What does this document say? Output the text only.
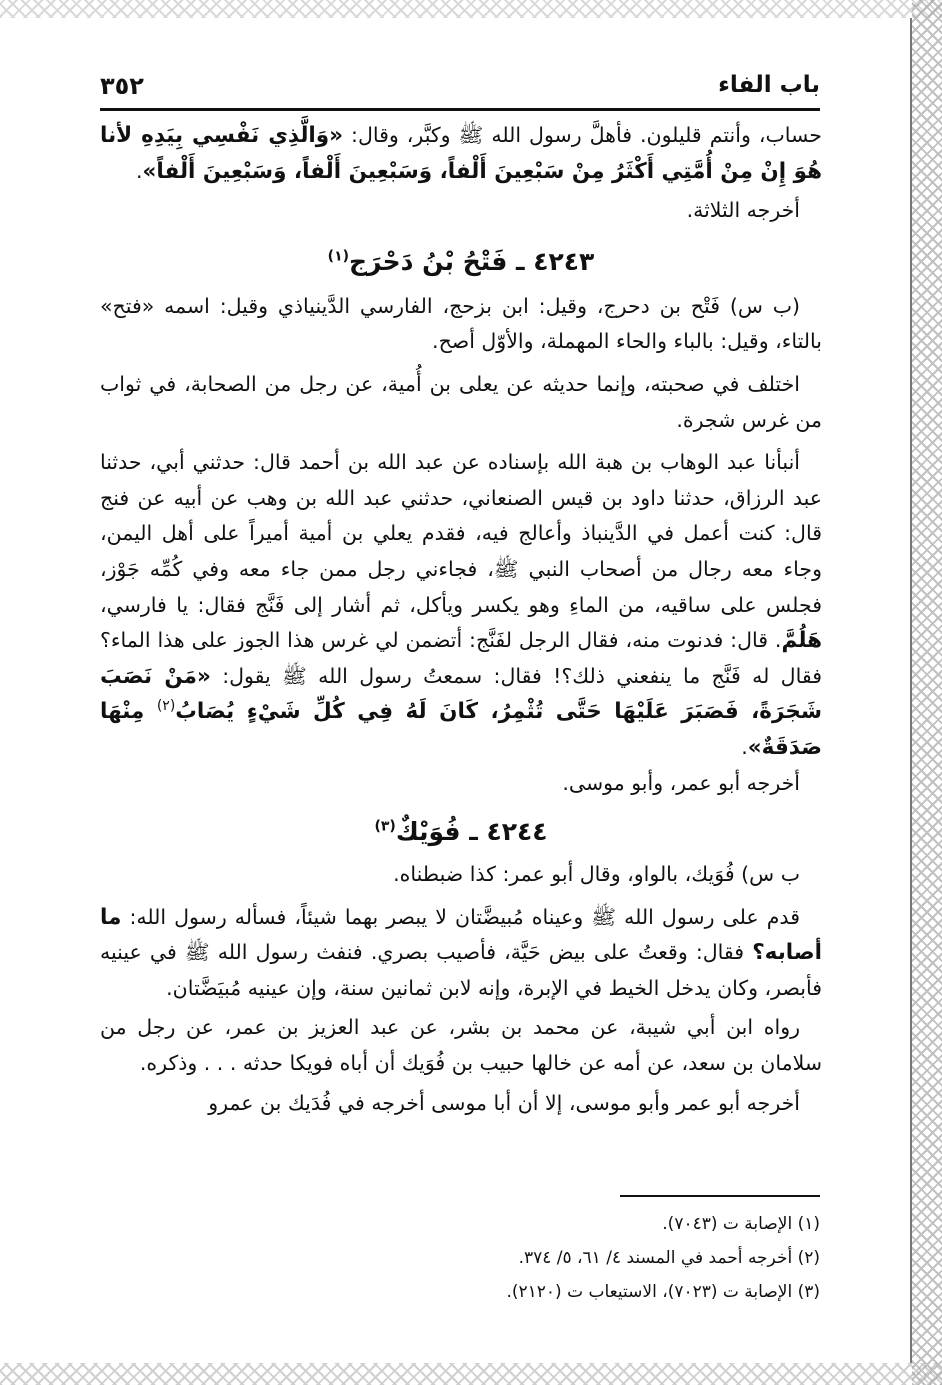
باب الفاء
٣٥٢

حساب، وأنتم قليلون. فأهلَّ رسول الله ﷺ وكبَّر، وقال: «وَالَّذِي نَفْسِي بِيَدِهِ لأنا هُوَ إِنْ مِنْ أُمَّتِي أَكْثَرُ مِنْ سَبْعِينَ أَلْفاً، وَسَبْعِينَ أَلْفاً، وَسَبْعِينَ أَلْفاً».

أخرجه الثلاثة.

٤٢٤٣ ـ فَتْحُ بْنُ دَحْرَج$^{(١)}$

(ب س) فَتْح بن دحرج، وقيل: ابن بزحج، الفارسي الدَّينياذي وقيل: اسمه «فتح» بالتاء، وقيل: بالباء والحاء المهملة، والأوّل أصح.

اختلف في صحبته، وإنما حديثه عن يعلى بن أُمية، عن رجل من الصحابة، في ثواب من غرس شجرة.

أنبأنا عبد الوهاب بن هبة الله بإسناده عن عبد الله بن أحمد قال: حدثني أبي، حدثنا عبد الرزاق، حدثنا داود بن قيس الصنعاني، حدثني عبد الله بن وهب عن أبيه عن فنج قال: كنت أعمل في الدَّينباذ وأعالج فيه، فقدم يعلي بن أمية أميراً على أهل اليمن، وجاء معه رجال من أصحاب النبي ﷺ، فجاءني رجل ممن جاء معه وفي كُمِّه جَوْز، فجلس على ساقيه، من الماءِ وهو يكسر ويأكل، ثم أشار إلى فَنَّج فقال: يا فارسي، هَلُمَّ. قال: فدنوت منه، فقال الرجل لفَنَّج: أتضمن لي غرس هذا الجوز على هذا الماء؟ فقال له فَنَّج ما ينفعني ذلك؟! فقال: سمعتُ رسول الله ﷺ يقول: «مَنْ نَصَبَ شَجَرَةً، فَصَبَرَ عَلَيْهَا حَتَّى تُثْمِرُ، كَانَ لَهُ فِي كُلِّ شَيْءٍ يُصَابُ$^{(٢)}$ مِنْهَا صَدَقَةٌ».

أخرجه أبو عمر، وأبو موسى.

٤٢٤٤ ـ فُوَيْكٌ$^{(٣)}$

ب س) فُوَيك، بالواو، وقال أبو عمر: كذا ضبطناه.

قدم على رسول الله ﷺ وعيناه مُبيضَّتان لا يبصر بهما شيئاً، فسأله رسول الله: ما أصابه؟ فقال: وقعتُ على بيض حَيَّة، فأصيب بصري. فنفث رسول الله ﷺ في عينيه فأبصر، وكان يدخل الخيط في الإبرة، وإنه لابن ثمانين سنة، وإن عينيه مُبيَضَّتان.

رواه ابن أبي شيبة، عن محمد بن بشر، عن عبد العزيز بن عمر، عن رجل من سلامان بن سعد، عن أمه عن خالها حبيب بن فُوَيك أن أباه فويكا حدثه . . . وذكره.

أخرجه أبو عمر وأبو موسى، إلا أن أبا موسى أخرجه في فُدَيك بن عمرو

(١) الإصابة ت (٧٠٤٣).

(٢) أخرجه أحمد في المسند ٤/ ٦١، ٥/ ٣٧٤.

(٣) الإصابة ت (٧٠٢٣)، الاستيعاب ت (٢١٢٠).
